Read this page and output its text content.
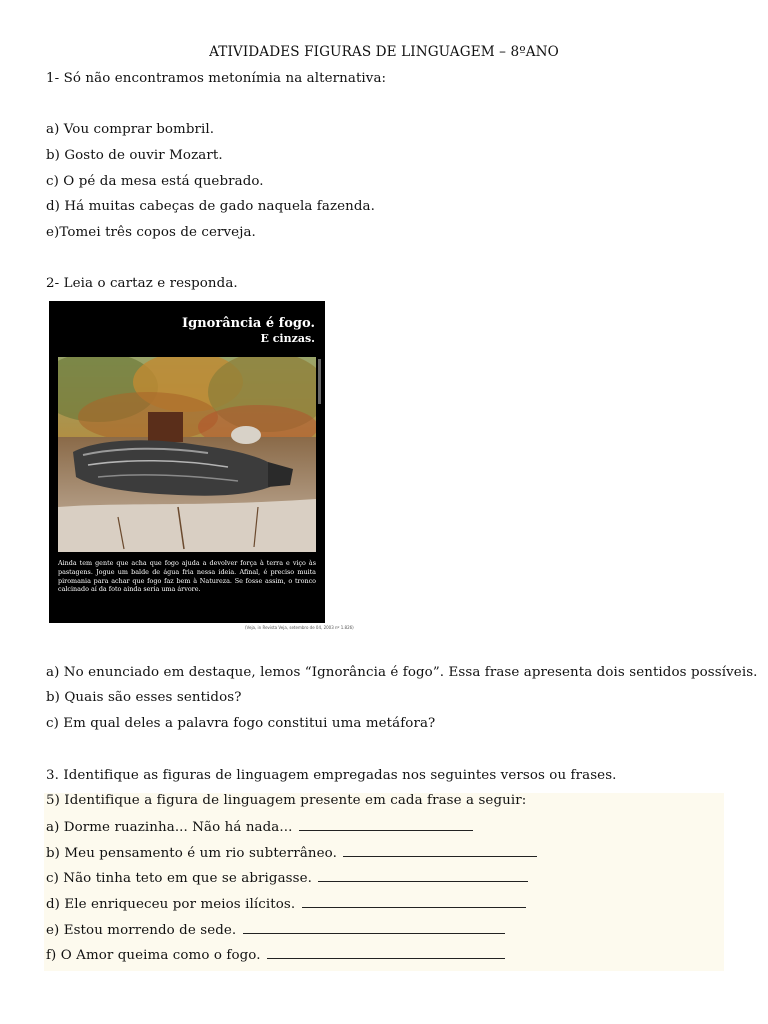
ATIVIDADES FIGURAS DE LINGUAGEM – 8ºANO
1- Só não encontramos metonímia na alternativa:
a) Vou comprar bombril.
b) Gosto de ouvir Mozart.
c) O pé da mesa está quebrado.
d) Há muitas cabeças de gado naquela fazenda.
e)Tomei três copos de cerveja.
2- Leia o cartaz e responda.
Ignorância é fogo.
E cinzas.
Ainda tem gente que acha que fogo ajuda a devolver força à terra e viço às pastagens. Jogue um balde de água fria nessa ideia. Afinal, é preciso muita piromania para achar que fogo faz bem à Natureza. Se fosse assim, o tronco calcinado aí da foto ainda seria uma árvore.
(Veja, in Revista Veja, setembro de 04, 2003 nº 1.826)
a) No enunciado em destaque, lemos “Ignorância é fogo”. Essa frase apresenta dois sentidos possíveis.
b) Quais são esses sentidos?
c) Em qual deles a palavra fogo constitui uma metáfora?
3. Identifique as figuras de linguagem empregadas nos seguintes versos ou frases.
5) Identifique a figura de linguagem presente em cada frase a seguir:
a) Dorme ruazinha... Não há nada...
b) Meu pensamento é um rio subterrâneo.
c) Não tinha teto em que se abrigasse.
d) Ele enriqueceu por meios ilícitos.
e) Estou morrendo de sede.
f) O Amor queima como o fogo.
